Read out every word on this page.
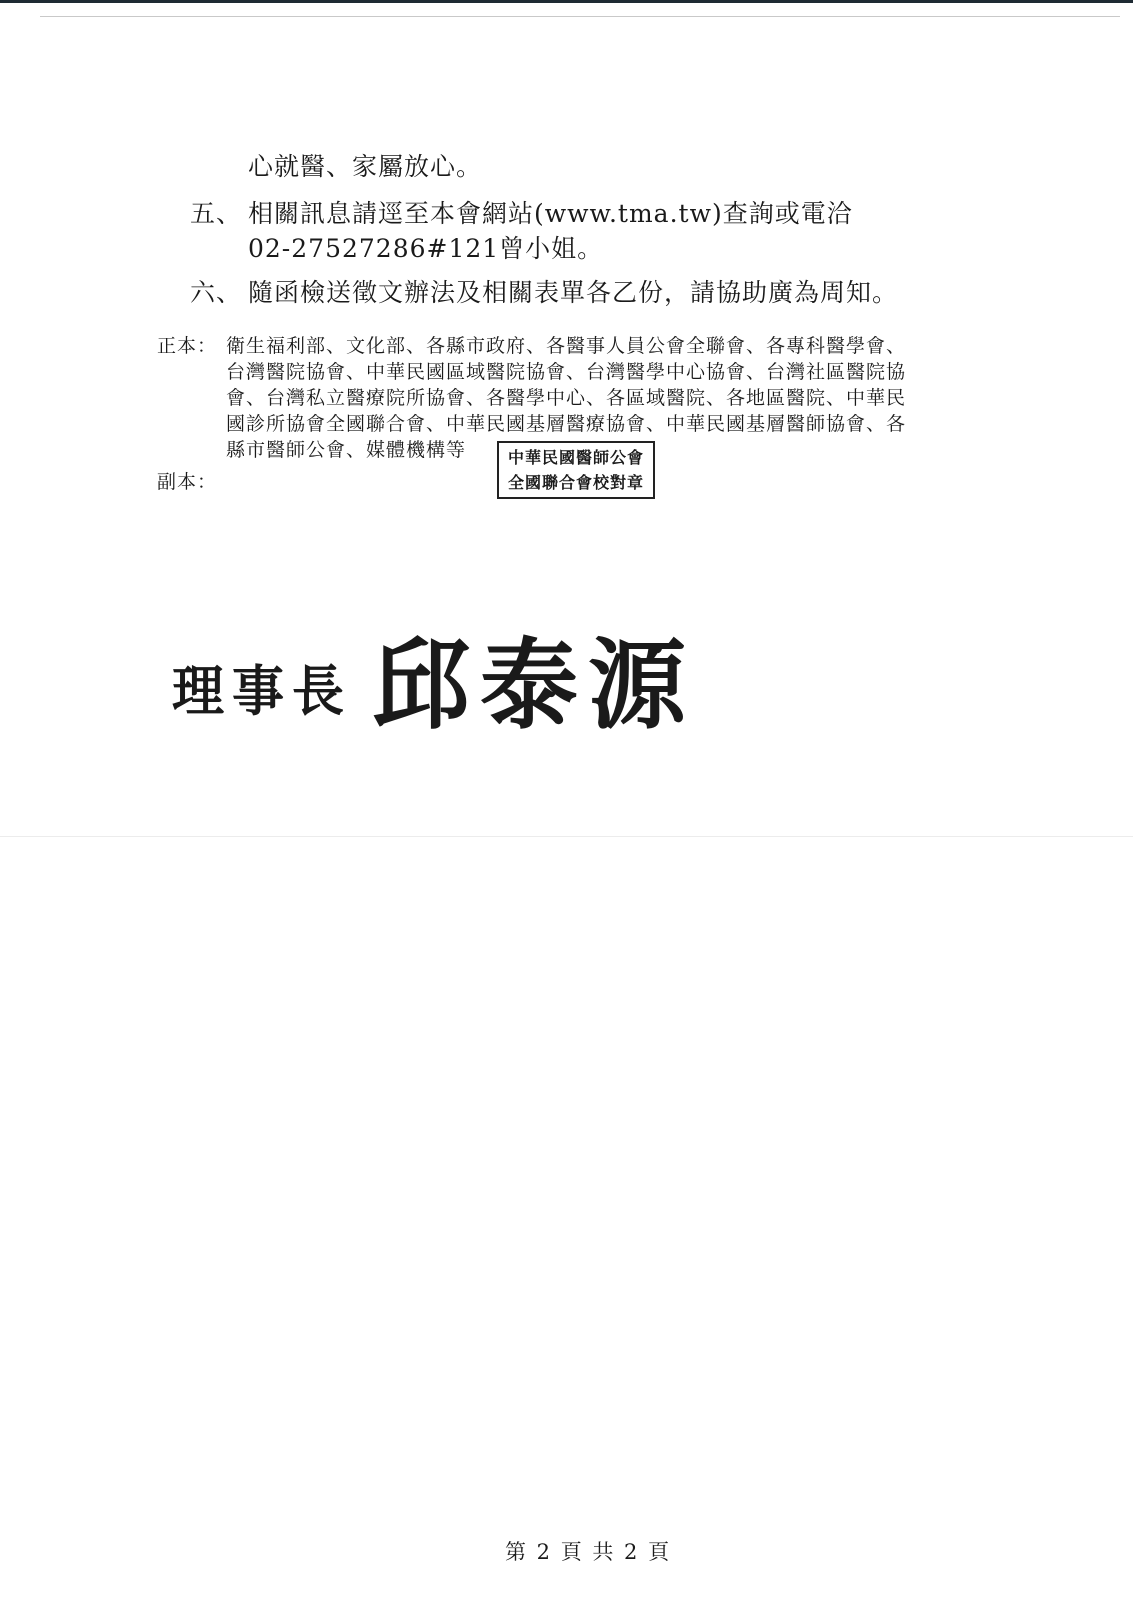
心就醫、家屬放心。
五、 相關訊息請逕至本會網站(www.tma.tw)查詢或電洽
02-27527286#121曾小姐。
六、 隨函檢送徵文辦法及相關表單各乙份，請協助廣為周知。
正本： 衛生福利部、文化部、各縣市政府、各醫事人員公會全聯會、各專科醫學會、
台灣醫院協會、中華民國區域醫院協會、台灣醫學中心協會、台灣社區醫院協
會、台灣私立醫療院所協會、各醫學中心、各區域醫院、各地區醫院、中華民
國診所協會全國聯合會、中華民國基層醫療協會、中華民國基層醫師協會、各
縣市醫師公會、媒體機構等
副本：
中華民國醫師公會
全國聯合會校對章
理事長 邱泰源
第 2 頁 共 2 頁
